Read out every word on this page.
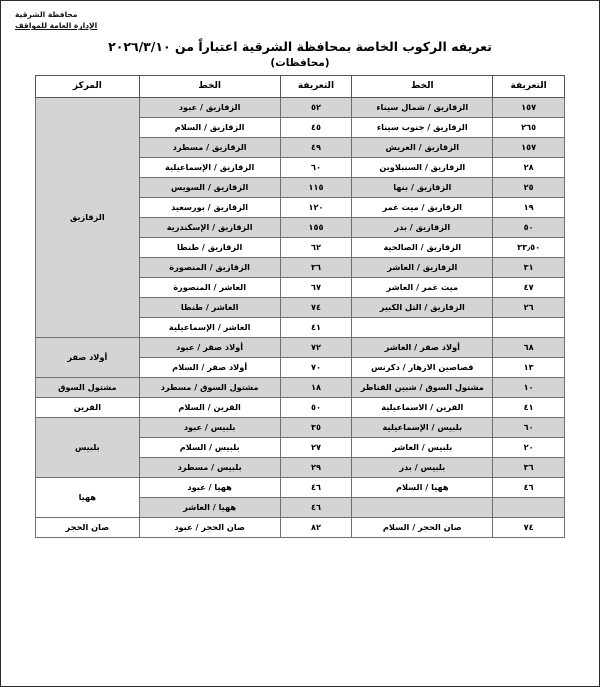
محافظة الشرقية
الإدارة العامة للمواقف
تعريفه الركوب الخاصة بمحافظة الشرقية اعتباراً من ٢٠٢٦/٣/١٠
(محافظات)
التعريفة	الخط	التعريفة	الخط	المركز
١٥٧	الزقازيق / شمال سيناء	٥٢	الزقازيق / عبود	الزقازيق
٢٦٥	الزقازيق / جنوب سيناء	٤٥	الزقازيق / السلام	
١٥٧	الزقازيق / العريش	٤٩	الزقازيق / مسطرد	
٢٨	الزقازيق / السنبلاوين	٦٠	الزقازيق / الإسماعيلية	
٢٥	الزقازيق / بنها	١١٥	الزقازيق / السويس	
١٩	الزقازيق / ميت غمر	١٢٠	الزقازيق / بورسعيد	
٥٠	الزقازيق / بدر	١٥٥	الزقازيق / الإسكندرية	
٣٣٫٥٠	الزقازيق / الصالحية	٦٢	الزقازيق / طنطا	
٣١	الزقازيق / العاشر	٣٦	الزقازيق / المنصورة	
٤٧	ميت غمر / العاشر	٦٧	العاشر / المنصورة	
٢٦	الزقازيق / التل الكبير	٧٤	العاشر / طنطا	
		٤١	العاشر / الإسماعيلية	
٦٨	أولاد صقر / العاشر	٧٢	أولاد صقر / عبود	أولاد صقر
١٣	قصاصين الازهار / دكرنس	٧٠	أولاد صقر / السلام	
١٠	مشتول السوق / شبين القناطر	١٨	مشتول السوق / مسطرد	مشتول السوق
٤١	القرين / الاسماعيلية	٥٠	القرين / السلام	القرين
٦٠	بلبيس / الإسماعيلية	٣٥	بلبيس / عبود	بلبيس
٢٠	بلبيس / العاشر	٢٧	بلبيس / السلام	
٣٦	بلبيس / بدر	٢٩	بلبيس / مسطرد	
٤٦	ههيا / السلام	٤٦	ههيا / عبود	ههيا
		٤٦	ههيا / العاشر	
٧٤	صان الحجر / السلام	٨٢	صان الحجر / عبود	صان الحجر
